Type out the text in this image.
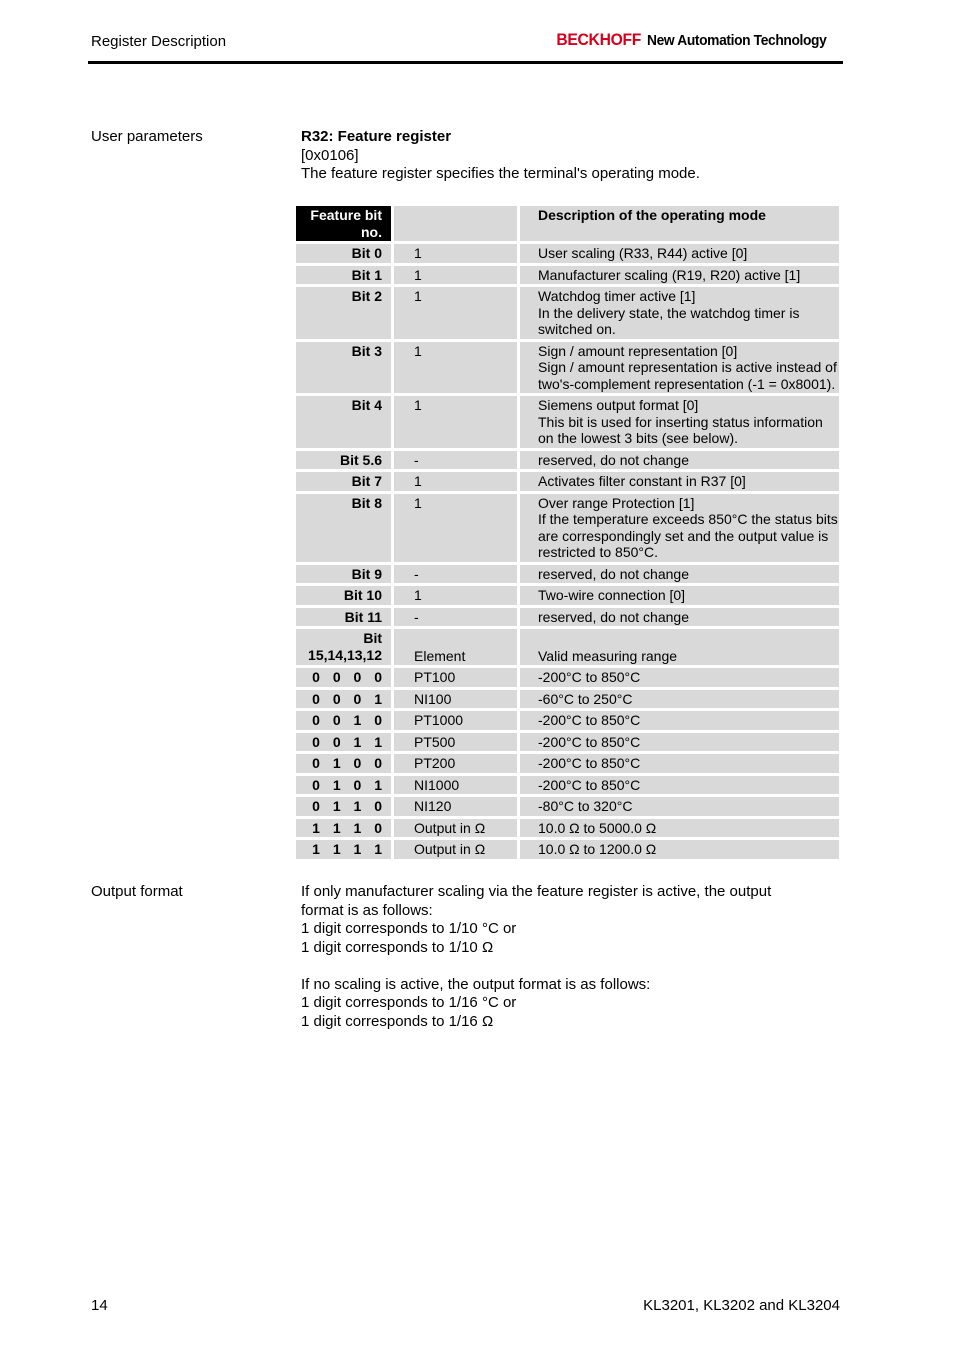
Register Description	BECKHOFF New Automation Technology
User parameters	R32: Feature register
[0x0106]
The feature register specifies the terminal's operating mode.
Feature bit no.		Description of the operating mode
Bit 0	1	User scaling (R33, R44) active [0]

Bit 1	1	Manufacturer scaling (R19, R20) active [1]

Bit 2	1	Watchdog timer active [1]
In the delivery state, the watchdog timer is switched on.

Bit 3	1	Sign / amount representation [0]
Sign / amount representation is active instead of two's-complement representation (-1 = 0x8001).

Bit 4	1	Siemens output format [0]
This bit is used for inserting status information on the lowest 3 bits (see below).

Bit 5.6	-	reserved, do not change

Bit 7	1	Activates filter constant in R37 [0]

Bit 8	1	Over range Protection [1]
If the temperature exceeds 850°C the status bits are correspondingly set and the output value is restricted to 850°C.

Bit 9	-	reserved, do not change

Bit 10	1	Two-wire connection [0]

Bit 11	-	reserved, do not change

Bit
15,14,13,12	Element	Valid measuring range
0 0 0 0	PT100	-200°C to 850°C
0 0 0 1	NI100	-60°C to 250°C
0 0 1 0	PT1000	-200°C to 850°C
0 0 1 1	PT500	-200°C to 850°C
0 1 0 0	PT200	-200°C to 850°C
0 1 0 1	NI1000	-200°C to 850°C
0 1 1 0	NI120	-80°C to 320°C
1 1 1 0	Output in Ω	10.0 Ω to 5000.0 Ω
1 1 1 1	Output in Ω	10.0 Ω to 1200.0 Ω
Output format	If only manufacturer scaling via the feature register is active, the output
format is as follows:
1 digit corresponds to 1/10 °C or
1 digit corresponds to 1/10 Ω
If no scaling is active, the output format is as follows:
1 digit corresponds to 1/16 °C or
1 digit corresponds to 1/16 Ω
14	KL3201, KL3202 and KL3204
